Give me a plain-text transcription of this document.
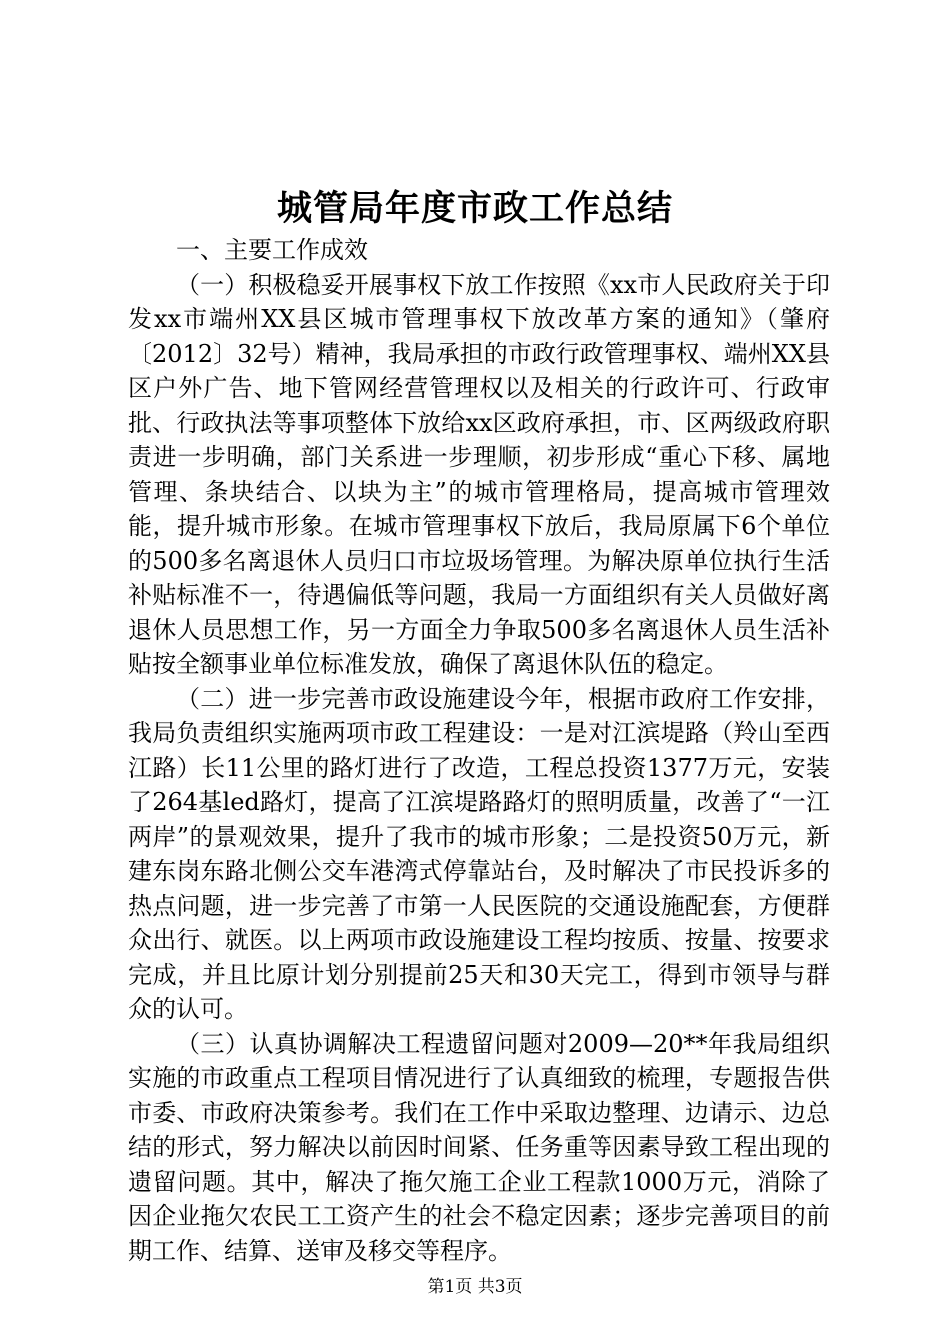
城管局年度市政工作总结

一、主要工作成效

（一）积极稳妥开展事权下放工作按照《xx市人民政府关于印发xx市端州XX县区城市管理事权下放改革方案的通知》（肇府〔2012〕32号）精神，我局承担的市政行政管理事权、端州XX县区户外广告、地下管网经营管理权以及相关的行政许可、行政审批、行政执法等事项整体下放给xx区政府承担，市、区两级政府职责进一步明确，部门关系进一步理顺，初步形成“重心下移、属地管理、条块结合、以块为主”的城市管理格局，提高城市管理效能，提升城市形象。在城市管理事权下放后，我局原属下6个单位的500多名离退休人员归口市垃圾场管理。为解决原单位执行生活补贴标准不一，待遇偏低等问题，我局一方面组织有关人员做好离退休人员思想工作，另一方面全力争取500多名离退休人员生活补贴按全额事业单位标准发放，确保了离退休队伍的稳定。

（二）进一步完善市政设施建设今年，根据市政府工作安排，我局负责组织实施两项市政工程建设：一是对江滨堤路（羚山至西江路）长11公里的路灯进行了改造，工程总投资1377万元，安装了264基led路灯，提高了江滨堤路路灯的照明质量，改善了“一江两岸”的景观效果，提升了我市的城市形象；二是投资50万元，新建东岗东路北侧公交车港湾式停靠站台，及时解决了市民投诉多的热点问题，进一步完善了市第一人民医院的交通设施配套，方便群众出行、就医。以上两项市政设施建设工程均按质、按量、按要求完成，并且比原计划分别提前25天和30天完工，得到市领导与群众的认可。

（三）认真协调解决工程遗留问题对2009—20**年我局组织实施的市政重点工程项目情况进行了认真细致的梳理，专题报告供市委、市政府决策参考。我们在工作中采取边整理、边请示、边总结的形式，努力解决以前因时间紧、任务重等因素导致工程出现的遗留问题。其中，解决了拖欠施工企业工程款1000万元，消除了因企业拖欠农民工工资产生的社会不稳定因素；逐步完善项目的前期工作、结算、送审及移交等程序。

第1页 共3页
